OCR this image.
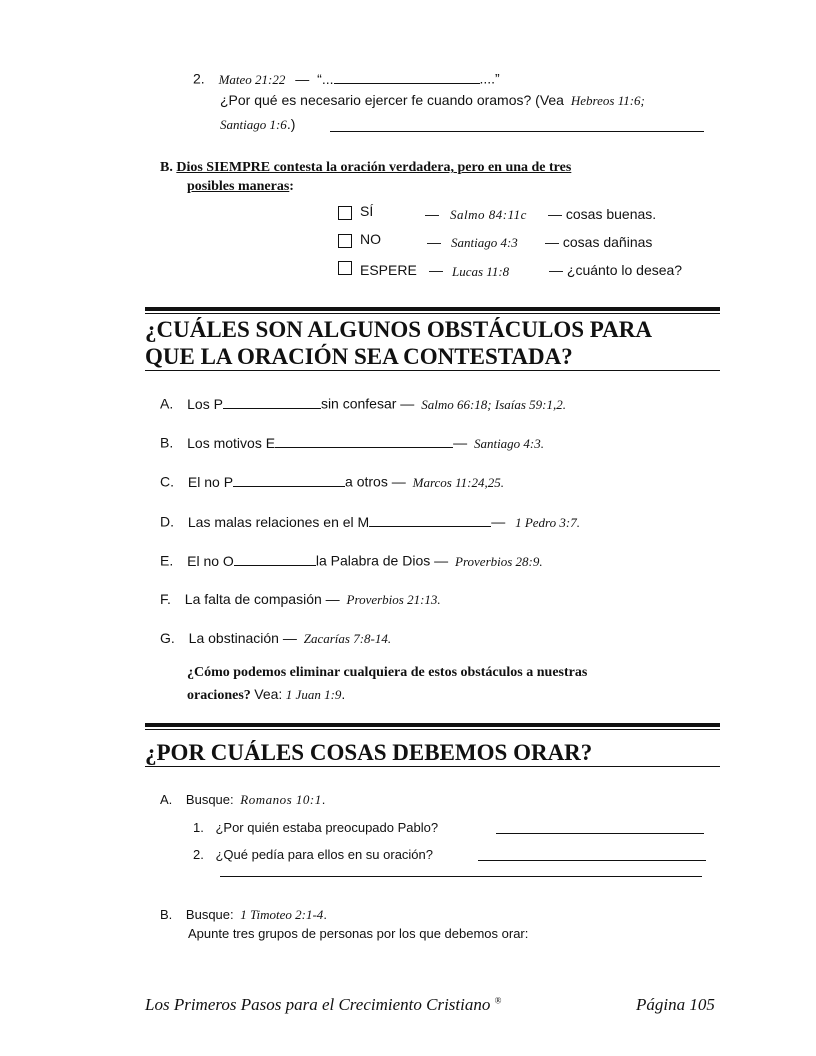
2. Mateo 21:22 — “...	....”
¿Por qué es necesario ejercer fe cuando oramos? (Vea Hebreos 11:6;
Santiago 1:6.)
B. Dios SIEMPRE contesta la oración verdadera, pero en una de tres
posibles maneras:
SÍ	— Salmo 84:11c — cosas buenas.
NO	— Santiago 4:3 — cosas dañinas
ESPERE — Lucas 11:8	— ¿cuánto lo desea?
¿CUÁLES SON ALGUNOS OBSTÁCULOS PARA
QUE LA ORACIÓN SEA CONTESTADA?
A. Los P	sin confesar — Salmo 66:18; Isaías 59:1,2.
B. Los motivos E	— Santiago 4:3.
C. El no P	a otros — Marcos 11:24,25.
D. Las malas relaciones en el M	— 1 Pedro 3:7.
E. El no O	la Palabra de Dios — Proverbios 28:9.
F. La falta de compasión — Proverbios 21:13.
G. La obstinación — Zacarías 7:8-14.
¿Cómo podemos eliminar cualquiera de estos obstáculos a nuestras
oraciones? Vea: 1 Juan 1:9.
¿POR CUÁLES COSAS DEBEMOS ORAR?
A. Busque: Romanos 10:1.
1. ¿Por quién estaba preocupado Pablo?
2. ¿Qué pedía para ellos en su oración?
B. Busque: 1 Timoteo 2:1-4.
Apunte tres grupos de personas por los que debemos orar:
Los Primeros Pasos para el Crecimiento Cristiano ®	Página 105
